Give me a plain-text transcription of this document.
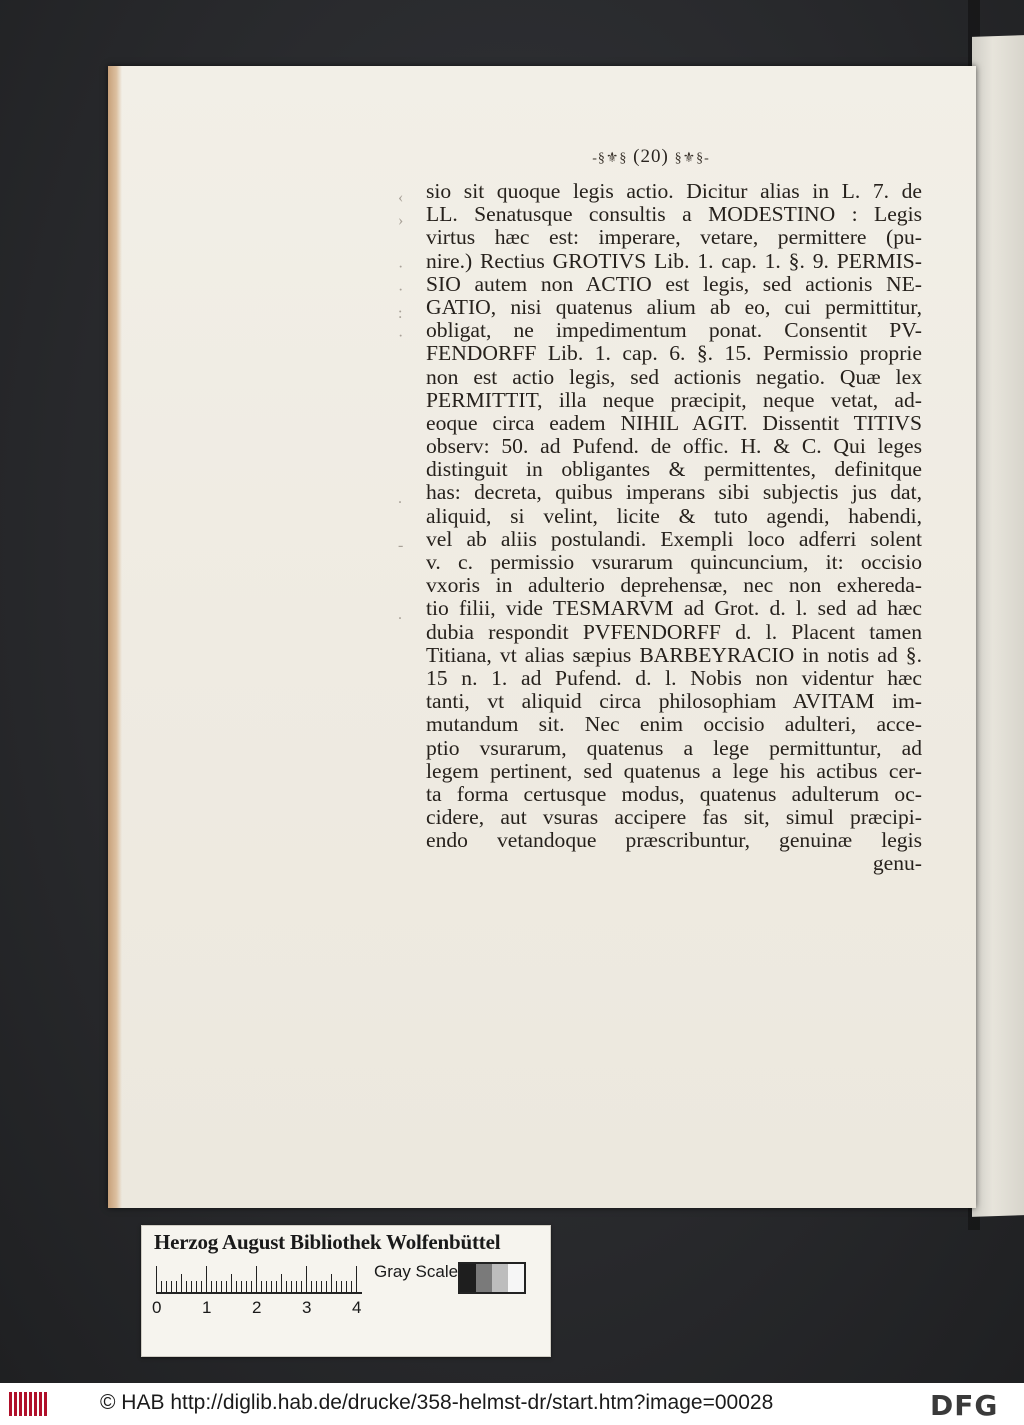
-§⚜§ (20) §⚜§-
‹
›
·
·
:
·
.
-
.
sio sit quoque legis actio. Dicitur alias in L. 7. de
LL. Senatusque consultis a MODESTINO : Legis
virtus hæc est: imperare, vetare, permittere (pu-
nire.) Rectius GROTIVS Lib. 1. cap. 1. §. 9. PERMIS-
SIO autem non ACTIO est legis, sed actionis NE-
GATIO, nisi quatenus alium ab eo, cui permittitur,
obligat, ne impedimentum ponat. Consentit PV-
FENDORFF Lib. 1. cap. 6. §. 15. Permissio proprie
non est actio legis, sed actionis negatio. Quæ lex
PERMITTIT, illa neque præcipit, neque vetat, ad-
eoque circa eadem NIHIL AGIT. Dissentit TITIVS
observ: 50. ad Pufend. de offic. H. & C. Qui leges
distinguit in obligantes & permittentes, definitque
has: decreta, quibus imperans sibi subjectis jus dat,
aliquid, si velint, licite & tuto agendi, habendi,
vel ab aliis postulandi. Exempli loco adferri solent
v. c. permissio vsurarum quincuncium, it: occisio
vxoris in adulterio deprehensæ, nec non exhereda-
tio filii, vide TESMARVM ad Grot. d. l. sed ad hæc
dubia respondit PVFENDORFF d. l. Placent tamen
Titiana, vt alias sæpius BARBEYRACIO in notis ad §.
15 n. 1. ad Pufend. d. l. Nobis non videntur hæc
tanti, vt aliquid circa philosophiam AVITAM im-
mutandum sit. Nec enim occisio adulteri, acce-
ptio vsurarum, quatenus a lege permittuntur, ad
legem pertinent, sed quatenus a lege his actibus cer-
ta forma certusque modus, quatenus adulterum oc-
cidere, aut vsuras accipere fas sit, simul præcipi-
endo vetandoque præscribuntur, genuinæ legis
genu-
Herzog August Bibliothek Wolfenbüttel
0 1 2 3 4
Gray Scale
© HAB http://diglib.hab.de/drucke/358-helmst-dr/start.htm?image=00028	DFG
